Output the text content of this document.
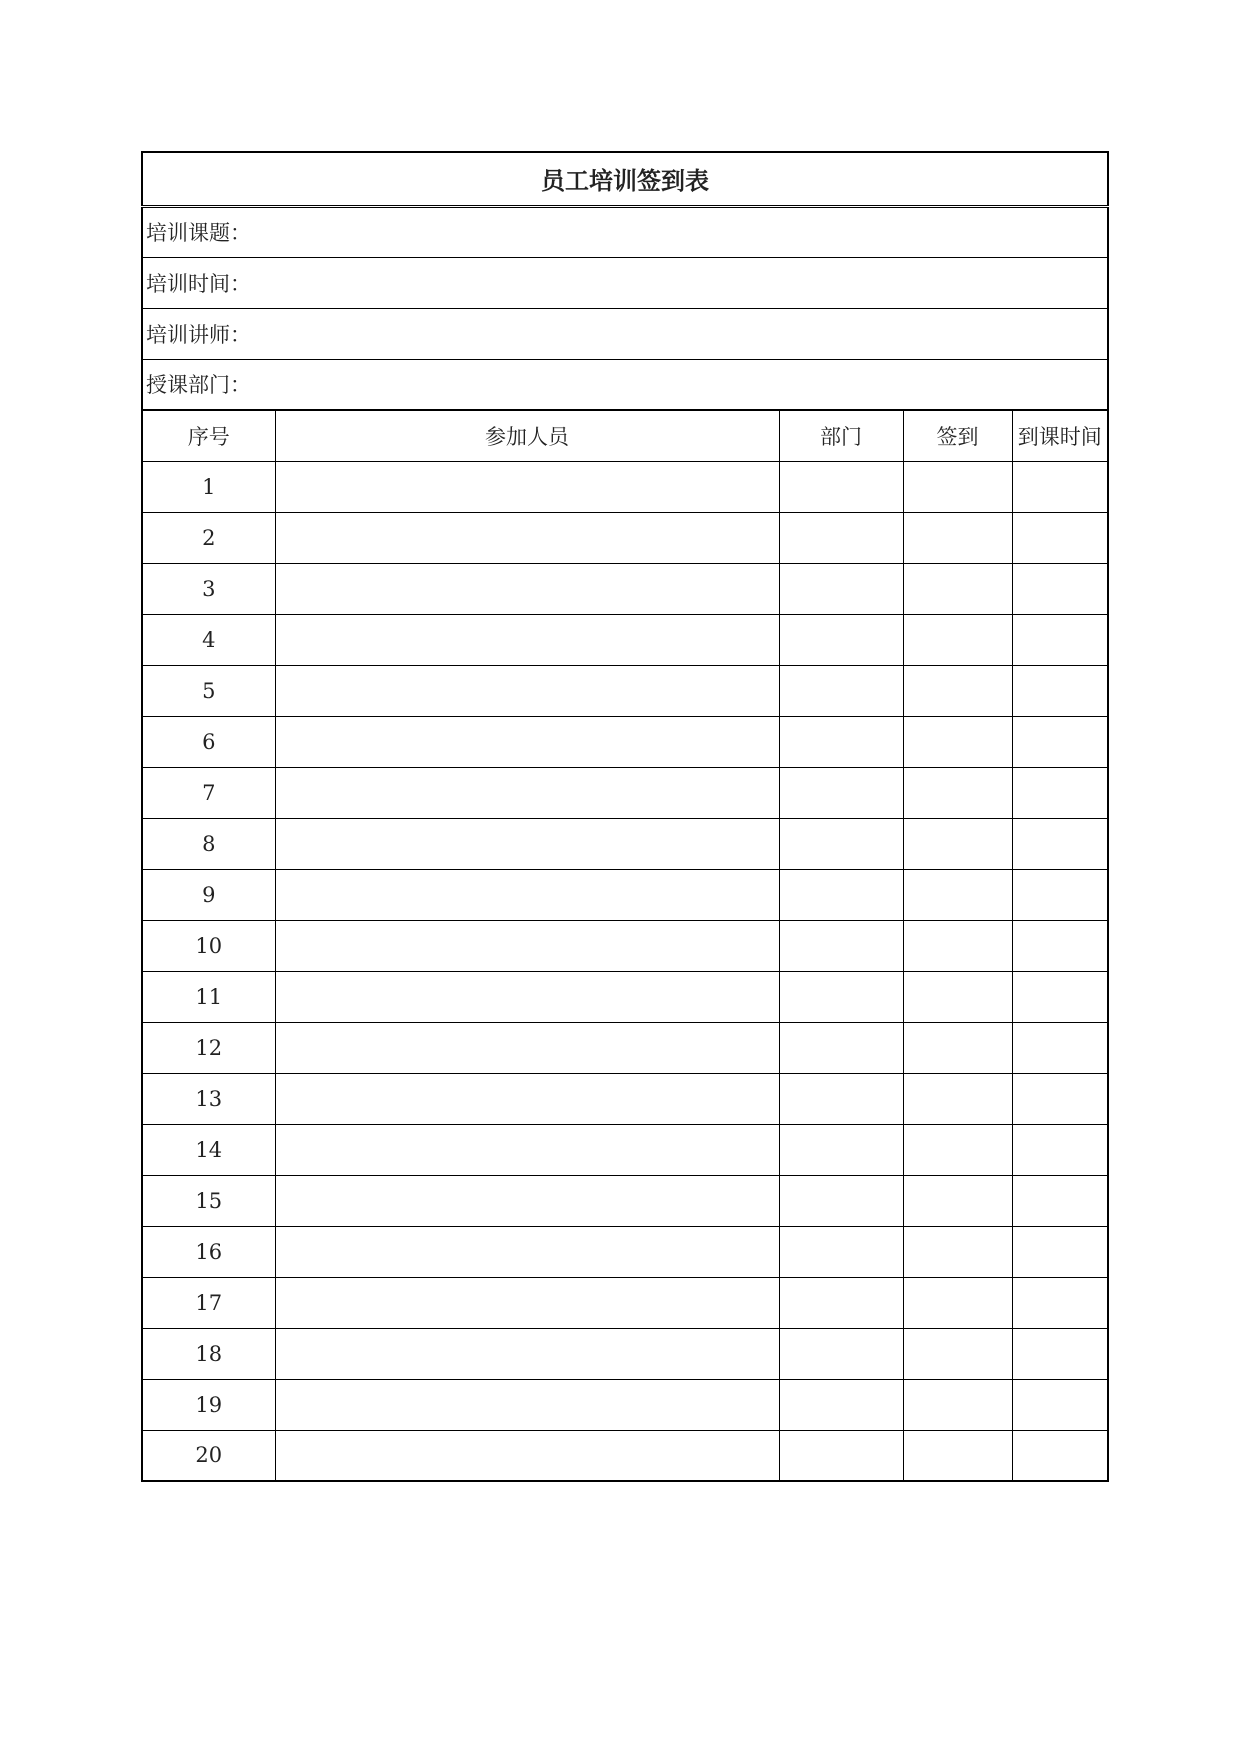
员工培训签到表				
培训课题：				
培训时间：				
培训讲师：				
授课部门：				
序号	参加人员	部门	签到	到课时间
1				
2				
3				
4				
5				
6				
7				
8				
9				
10				
11				
12				
13				
14				
15				
16				
17				
18				
19				
20				
